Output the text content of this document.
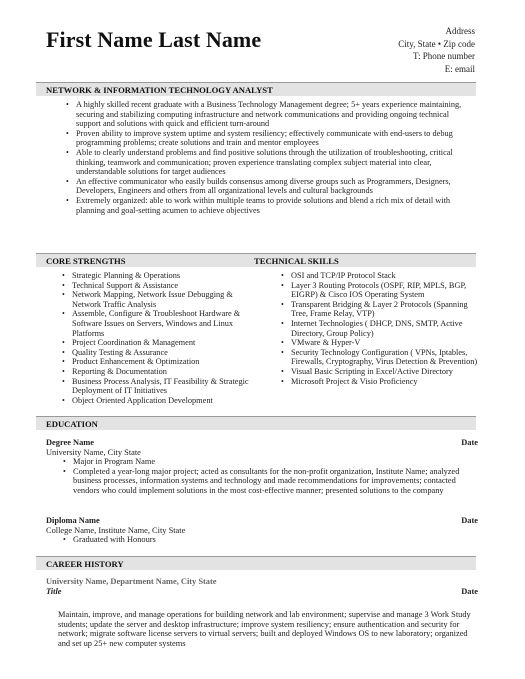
First Name Last Name	Address
City, State • Zip code
T: Phone number
E: email
NETWORK & INFORMATION TECHNOLOGY ANALYST
• A highly skilled recent graduate with a Business Technology Management degree; 5+ years experience maintaining, securing and stabilizing computing infrastructure and network communications and providing ongoing technical support and solutions with quick and efficient turn-around
• Proven ability to improve system uptime and system resiliency; effectively communicate with end-users to debug programming problems; create solutions and train and mentor employees
• Able to clearly understand problems and find positive solutions through the utilization of troubleshooting, critical thinking, teamwork and communication; proven experience translating complex subject material into clear, understandable solutions for target audiences
• An effective communicator who easily builds consensus among diverse groups such as Programmers, Designers, Developers, Engineers and others from all organizational levels and cultural backgrounds
• Extremely organized: able to work within multiple teams to provide solutions and blend a rich mix of detail with planning and goal-setting acumen to achieve objectives
CORE STRENGTHS	TECHNICAL SKILLS
• Strategic Planning & Operations
• Technical Support & Assistance
• Network Mapping, Network Issue Debugging & Network Traffic Analysis
• Assemble, Configure & Troubleshoot Hardware & Software Issues on Servers, Windows and Linux Platforms
• Project Coordination & Management
• Quality Testing & Assurance
• Product Enhancement & Optimization
• Reporting & Documentation
• Business Process Analysis, IT Feasibility & Strategic Deployment of IT Initiatives
• Object Oriented Application Development
• OSI and TCP/IP Protocol Stack
• Layer 3 Routing Protocols (OSPF, RIP, MPLS, BGP, EIGRP) & Cisco IOS Operating System
• Transparent Bridging & Layer 2 Protocols (Spanning Tree, Frame Relay, VTP)
• Internet Technologies ( DHCP, DNS, SMTP, Active Directory, Group Policy)
• VMware & Hyper-V
• Security Technology Configuration ( VPNs, Iptables, Firewalls, Cryptography, Virus Detection & Prevention)
• Visual Basic Scripting in Excel/Active Directory
• Microsoft Project & Visio Proficiency
EDUCATION
Degree Name	Date
University Name, City State
• Major in Program Name
• Completed a year-long major project; acted as consultants for the non-profit organization, Institute Name; analyzed business processes, information systems and technology and made recommendations for improvements; contacted vendors who could implement solutions in the most cost-effective manner; presented solutions to the company
Diploma Name	Date
College Name, Institute Name, City State
• Graduated with Honours
CAREER HISTORY
University Name, Department Name, City State
Title	Date

Maintain, improve, and manage operations for building network and lab environment; supervise and manage 3 Work Study students; update the server and desktop infrastructure; improve system resiliency; ensure authentication and security for network; migrate software license servers to virtual servers; built and deployed Windows OS to new laboratory; organized and set up 25+ new computer systems
